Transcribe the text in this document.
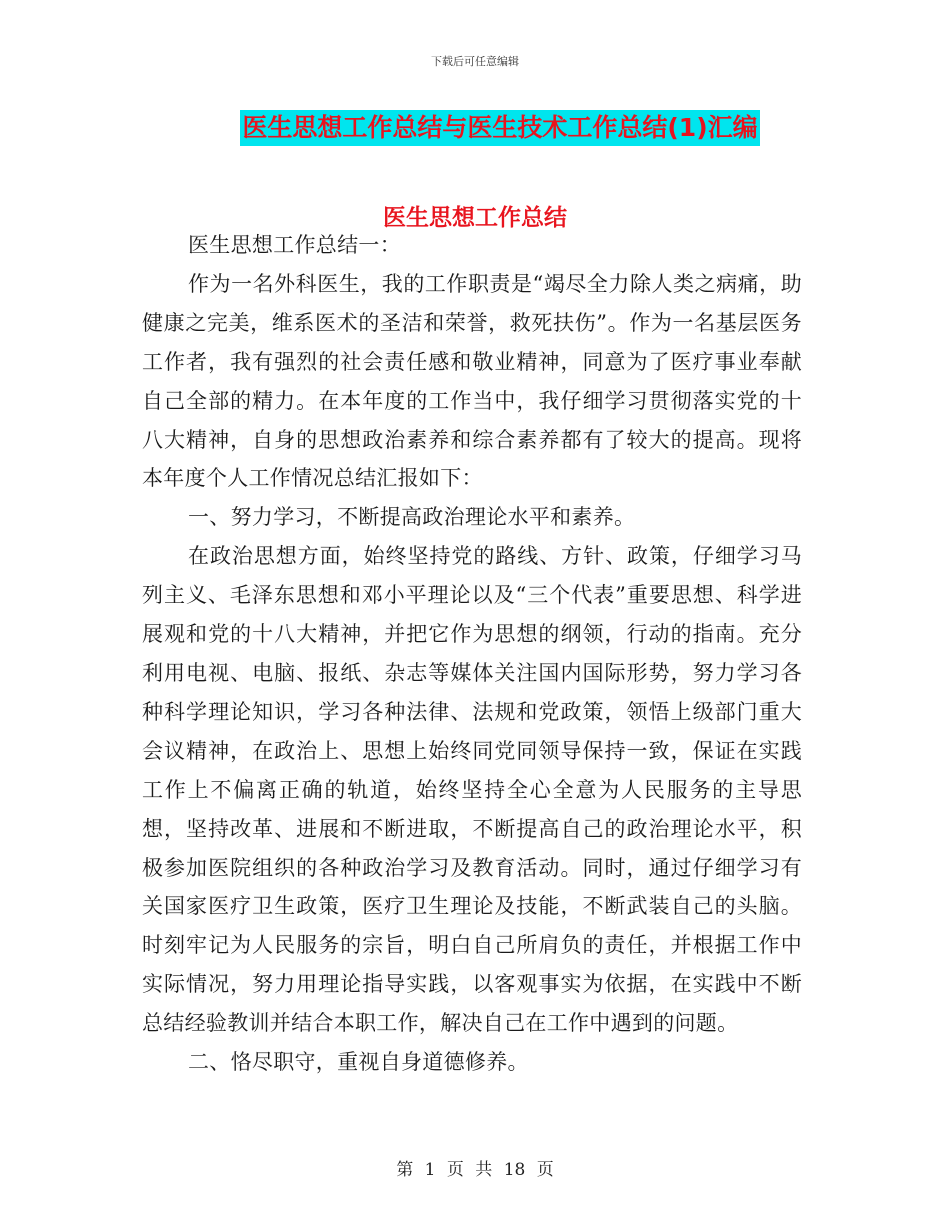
下载后可任意编辑
医生思想工作总结与医生技术工作总结(1)汇编
医生思想工作总结

医生思想工作总结一：

作为一名外科医生，我的工作职责是“竭尽全力除人类之病痛，助健康之完美，维系医术的圣洁和荣誉，救死扶伤”。作为一名基层医务工作者，我有强烈的社会责任感和敬业精神，同意为了医疗事业奉献自己全部的精力。在本年度的工作当中，我仔细学习贯彻落实党的十八大精神，自身的思想政治素养和综合素养都有了较大的提高。现将本年度个人工作情况总结汇报如下：

一、努力学习，不断提高政治理论水平和素养。

在政治思想方面，始终坚持党的路线、方针、政策，仔细学习马列主义、毛泽东思想和邓小平理论以及“三个代表”重要思想、科学进展观和党的十八大精神，并把它作为思想的纲领，行动的指南。充分利用电视、电脑、报纸、杂志等媒体关注国内国际形势，努力学习各种科学理论知识，学习各种法律、法规和党政策，领悟上级部门重大会议精神，在政治上、思想上始终同党同领导保持一致，保证在实践工作上不偏离正确的轨道，始终坚持全心全意为人民服务的主导思想，坚持改革、进展和不断进取，不断提高自己的政治理论水平，积极参加医院组织的各种政治学习及教育活动。同时，通过仔细学习有关国家医疗卫生政策，医疗卫生理论及技能，不断武装自己的头脑。时刻牢记为人民服务的宗旨，明白自己所肩负的责任，并根据工作中实际情况，努力用理论指导实践，以客观事实为依据，在实践中不断总结经验教训并结合本职工作，解决自己在工作中遇到的问题。

二、恪尽职守，重视自身道德修养。

第 1 页 共 18 页
